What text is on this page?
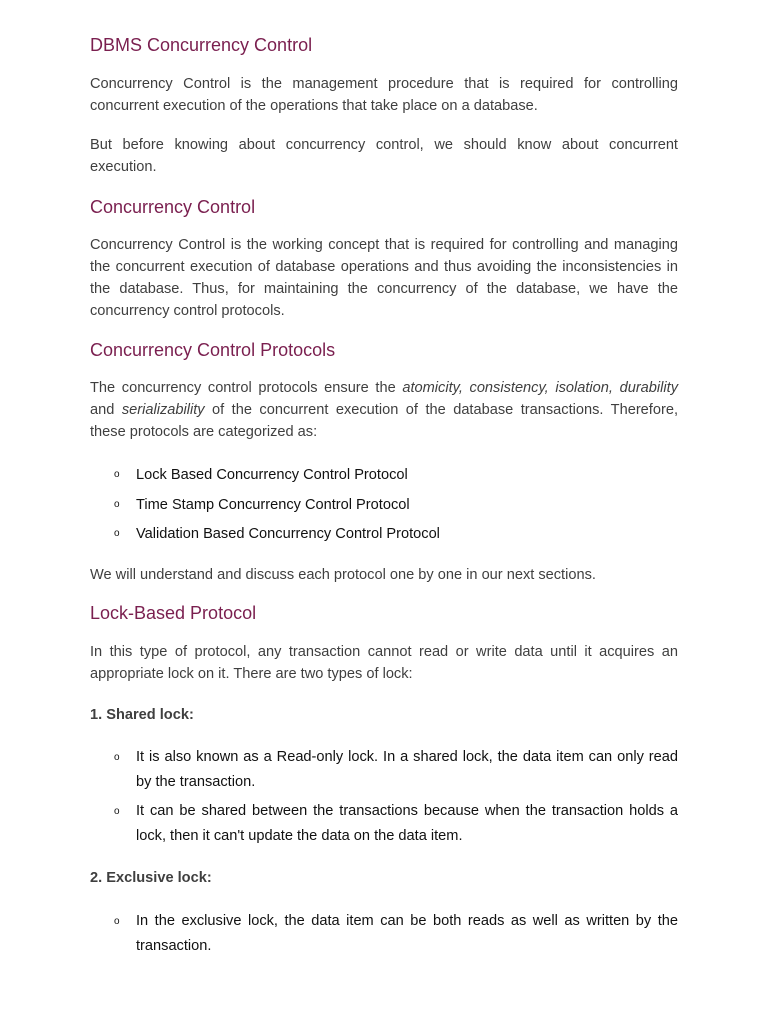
DBMS Concurrency Control

Concurrency Control is the management procedure that is required for controlling concurrent execution of the operations that take place on a database.

But before knowing about concurrency control, we should know about concurrent execution.

Concurrency Control

Concurrency Control is the working concept that is required for controlling and managing the concurrent execution of database operations and thus avoiding the inconsistencies in the database. Thus, for maintaining the concurrency of the database, we have the concurrency control protocols.

Concurrency Control Protocols

The concurrency control protocols ensure the atomicity, consistency, isolation, durability and serializability of the concurrent execution of the database transactions. Therefore, these protocols are categorized as:

o Lock Based Concurrency Control Protocol
o Time Stamp Concurrency Control Protocol
o Validation Based Concurrency Control Protocol

We will understand and discuss each protocol one by one in our next sections.

Lock-Based Protocol

In this type of protocol, any transaction cannot read or write data until it acquires an appropriate lock on it. There are two types of lock:

1. Shared lock:
o It is also known as a Read-only lock. In a shared lock, the data item can only read by the transaction.
o It can be shared between the transactions because when the transaction holds a lock, then it can't update the data on the data item.
2. Exclusive lock:
o In the exclusive lock, the data item can be both reads as well as written by the transaction.
